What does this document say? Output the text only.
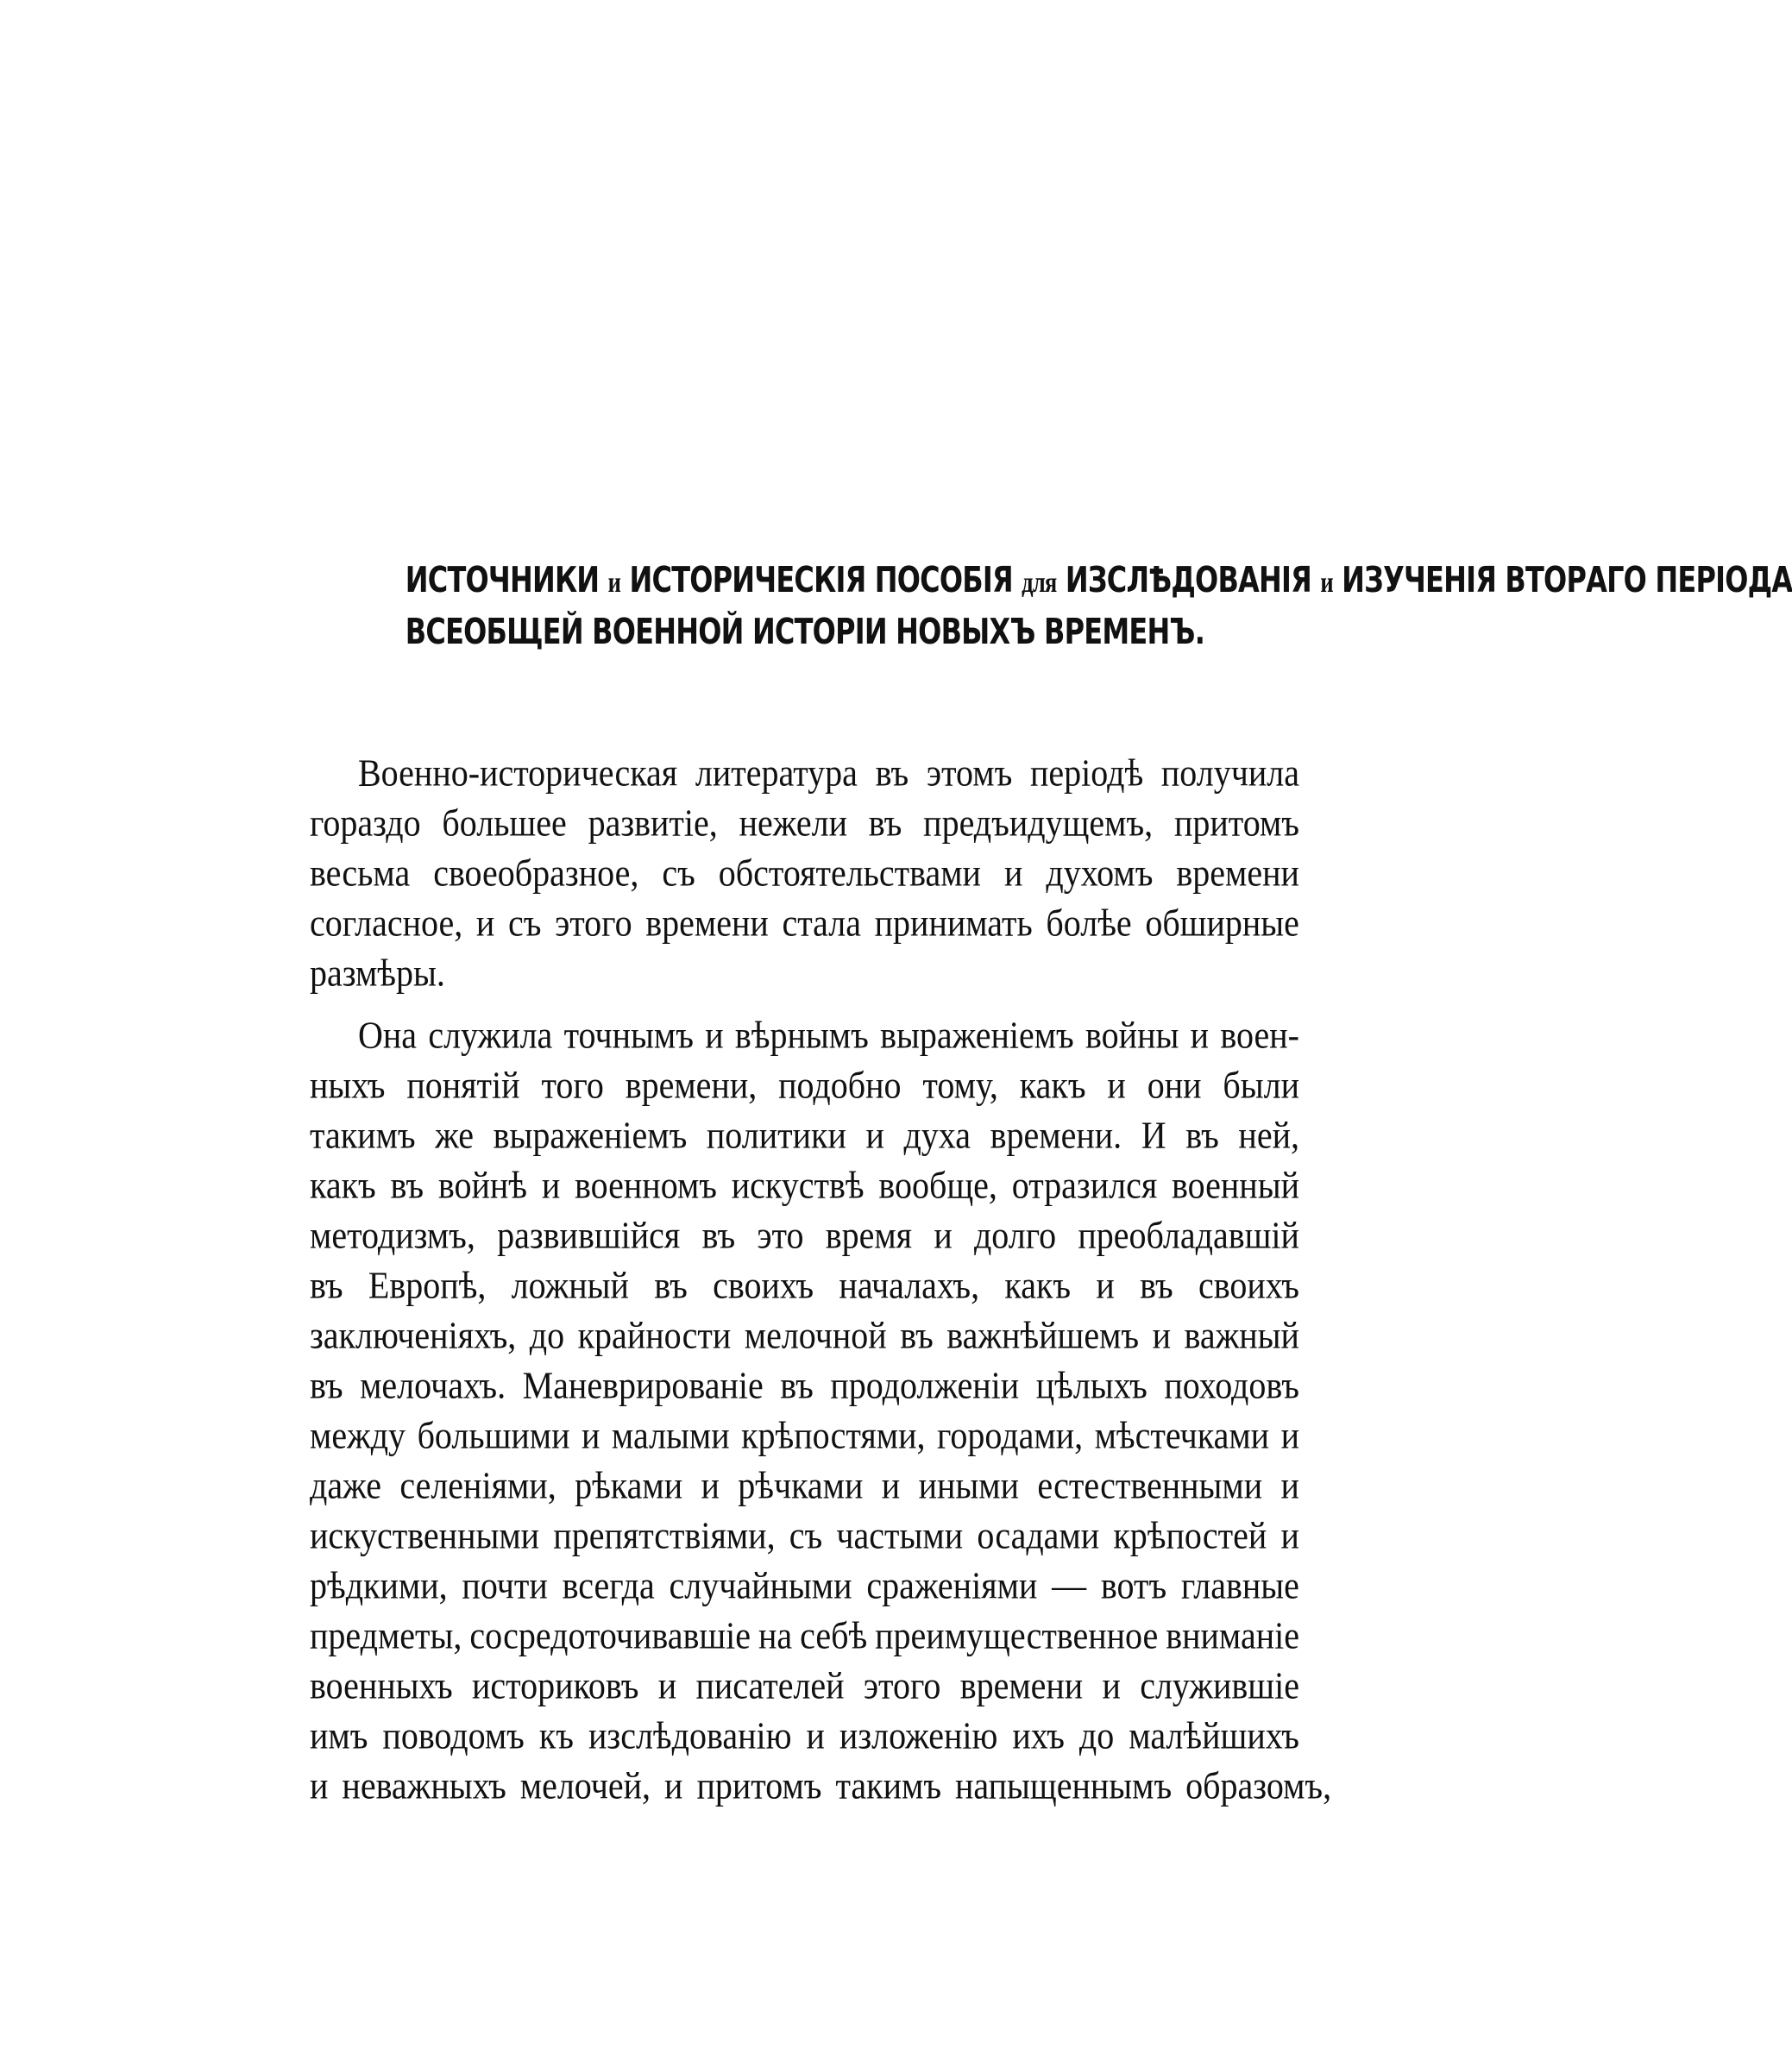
ИСТОЧНИКИ и ИСТОРИЧЕСКІЯ ПОСОБІЯ для ИЗСЛѢДОВАНІЯ и ИЗУЧЕНІЯ ВТОРАГО ПЕРІОДА
ВСЕОБЩЕЙ ВОЕННОЙ ИСТОРІИ НОВЫХЪ ВРЕМЕНЪ.
Военно-историческая литература въ этомъ періодѣ получила
гораздо большее развитіе, нежели въ предъидущемъ, притомъ
весьма своеобразное, съ обстоятельствами и духомъ времени
согласное, и съ этого времени стала принимать болѣе обширные
размѣры.
Она служила точнымъ и вѣрнымъ выраженіемъ войны и воен-
ныхъ понятій того времени, подобно тому, какъ и они были
такимъ же выраженіемъ политики и духа времени. И въ ней,
какъ въ войнѣ и военномъ искуствѣ вообще, отразился военный
методизмъ, развившійся въ это время и долго преобладавшій
въ Европѣ, ложный въ своихъ началахъ, какъ и въ своихъ
заключеніяхъ, до крайности мелочной въ важнѣйшемъ и важный
въ мелочахъ. Маневрированіе въ продолженіи цѣлыхъ походовъ
между большими и малыми крѣпостями, городами, мѣстечками и
даже селеніями, рѣками и рѣчками и иными естественными и
искуственными препятствіями, съ частыми осадами крѣпостей и
рѣдкими, почти всегда случайными сраженіями — вотъ главные
предметы, сосредоточивавшіе на себѣ преимущественное вниманіе
военныхъ историковъ и писателей этого времени и служившіе
имъ поводомъ къ изслѣдованію и изложенію ихъ до малѣйшихъ
и неважныхъ мелочей, и притомъ такимъ напыщеннымъ образомъ,
